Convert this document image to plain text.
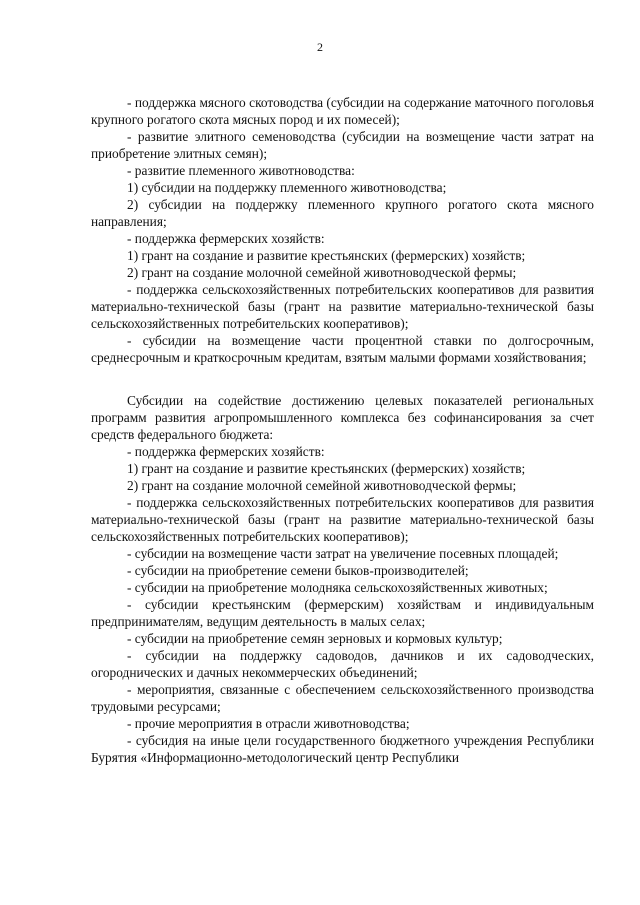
2

- поддержка мясного скотоводства (субсидии на содержание маточного поголовья крупного рогатого скота мясных пород и их помесей);

- развитие элитного семеноводства (субсидии на возмещение части затрат на приобретение элитных семян);

- развитие племенного животноводства:

1) субсидии на поддержку племенного животноводства;

2) субсидии на поддержку племенного крупного рогатого скота мясного направления;

- поддержка фермерских хозяйств:

1) грант на создание и развитие крестьянских (фермерских) хозяйств;

2) грант на создание молочной семейной животноводческой фермы;

- поддержка сельскохозяйственных потребительских кооперативов для развития материально-технической базы (грант на развитие материально-технической базы сельскохозяйственных потребительских кооперативов);

- субсидии на возмещение части процентной ставки по долгосрочным, среднесрочным и краткосрочным кредитам, взятым малыми формами хозяйствования;

Субсидии на содействие достижению целевых показателей региональных программ развития агропромышленного комплекса без софинансирования за счет средств федерального бюджета:

- поддержка фермерских хозяйств:

1) грант на создание и развитие крестьянских (фермерских) хозяйств;

2) грант на создание молочной семейной животноводческой фермы;

- поддержка сельскохозяйственных потребительских кооперативов для развития материально-технической базы (грант на развитие материально-технической базы сельскохозяйственных потребительских кооперативов);

- субсидии на возмещение части затрат на увеличение посевных площадей;

- субсидии на приобретение семени быков-производителей;

- субсидии на приобретение молодняка сельскохозяйственных животных;

- субсидии крестьянским (фермерским) хозяйствам и индивидуальным предпринимателям, ведущим деятельность в малых селах;

- субсидии на приобретение семян зерновых и кормовых культур;

- субсидии на поддержку садоводов, дачников и их садоводческих, огороднических и дачных некоммерческих объединений;

- мероприятия, связанные с обеспечением сельскохозяйственного производства трудовыми ресурсами;

- прочие мероприятия в отрасли животноводства;

- субсидия на иные цели государственного бюджетного учреждения Республики Бурятия «Информационно-методологический центр Республики
